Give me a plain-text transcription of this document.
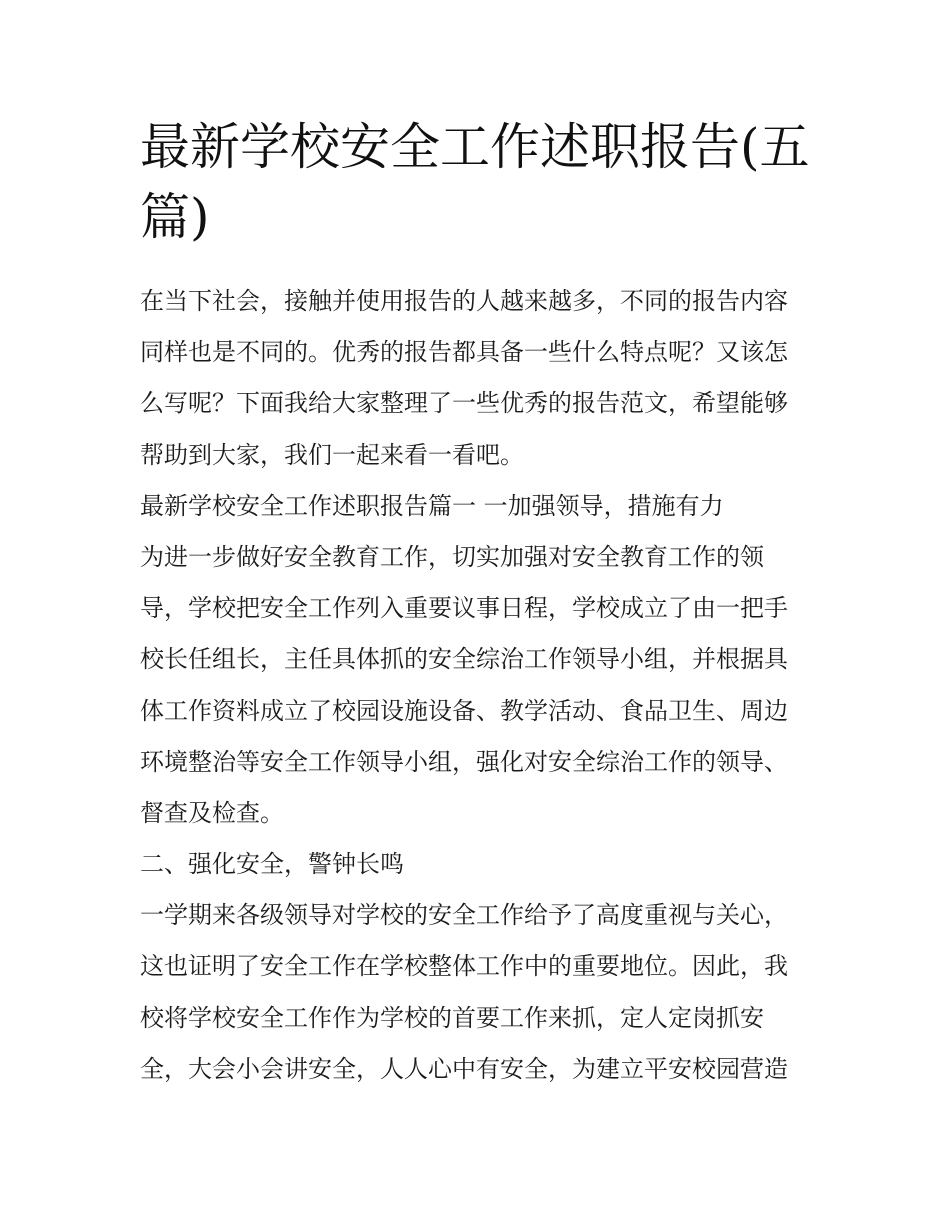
最新学校安全工作述职报告(五篇)
在当下社会，接触并使用报告的人越来越多，不同的报告内容
同样也是不同的。优秀的报告都具备一些什么特点呢？又该怎
么写呢？下面我给大家整理了一些优秀的报告范文，希望能够
帮助到大家，我们一起来看一看吧。
最新学校安全工作述职报告篇一 一加强领导，措施有力
为进一步做好安全教育工作，切实加强对安全教育工作的领
导，学校把安全工作列入重要议事日程，学校成立了由一把手
校长任组长，主任具体抓的安全综治工作领导小组，并根据具
体工作资料成立了校园设施设备、教学活动、食品卫生、周边
环境整治等安全工作领导小组，强化对安全综治工作的领导、
督查及检查。
二、强化安全，警钟长鸣
一学期来各级领导对学校的安全工作给予了高度重视与关心，
这也证明了安全工作在学校整体工作中的重要地位。因此，我
校将学校安全工作作为学校的首要工作来抓，定人定岗抓安
全，大会小会讲安全，人人心中有安全，为建立平安校园营造
